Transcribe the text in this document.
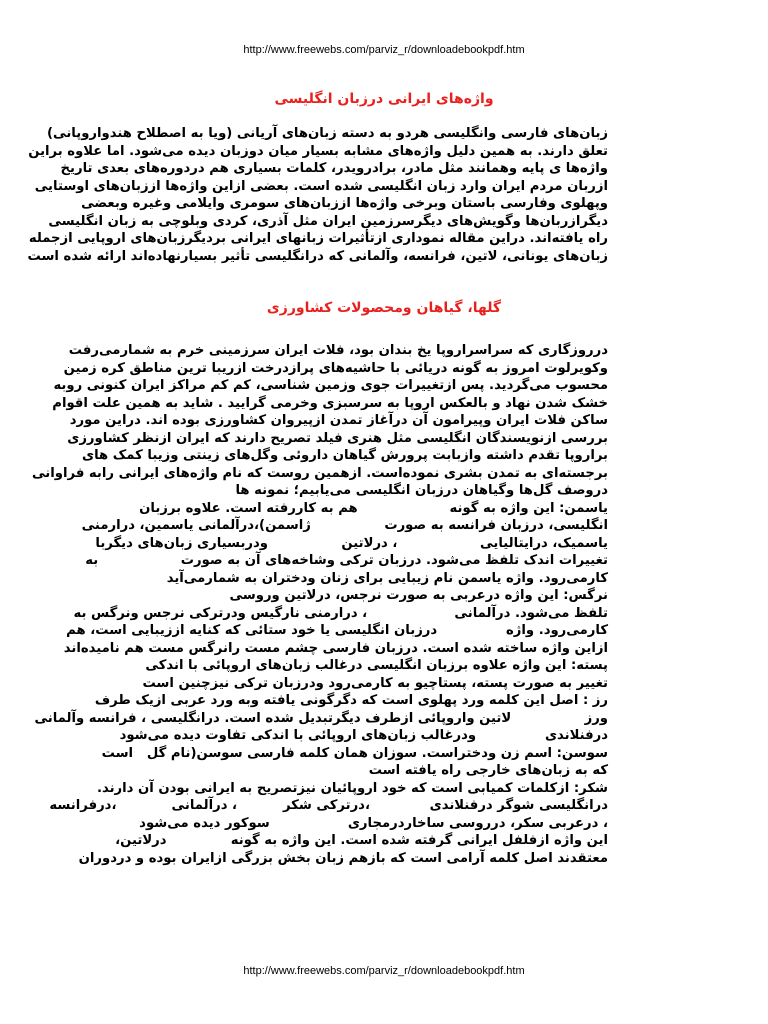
http://www.freewebs.com/parviz_r/downloadebookpdf.htm
واژه‌های ایرانی درزبان انگلیسی
زبان‌های فارسی وانگلیسی هردو به دسته زبان‌های آریانی (ویا به اصطلاح هندواروپانی)
تعلق دارند. به همین دلیل واژه‌های مشابه بسیار میان دوزبان دیده می‌شود. اما علاوه براین
واژه‌ها ی پایه وهمانند مثل مادر، برادرویدر، کلمات بسیاری هم دردوره‌های بعدی تاریخ
ازربان مردم ایران وارد زبان انگلیسی شده است. بعضی ازاین واژه‌ها اززبان‌های اوستایی
وپهلوی وفارسی باستان وبرخی واژه‌ها اززبان‌های سومری وایلامی وغیره وبعضی
دیگرازربان‌ها وگویش‌های دیگرسرزمین ایران مثل آذری، کردی وبلوچی به زبان انگلیسی
راه یافته‌اند. دراین مقاله نموداری ازتأثیرات زبانهای ایرانی بردیگرزبان‌های اروپایی ازجمله
زبان‌های یونانی، لاتین، فرانسه، وآلمانی که درانگلیسی تأثیر بسیارنهاده‌اند ارائه شده است
گلها، گیاهان ومحصولات کشاورزی
درروزگاری که سراسراروپا یخ بندان بود، فلات ایران سرزمینی خرم به شمارمی‌رفت
وکویرلوت امروز به گونه دریائی با حاشیه‌های پرازدرخت ازریبا ترین مناطق کره زمین
محسوب می‌گردید. پس ازتغییرات جوی وزمین شناسی، کم کم مراکز ایران کنونی روبه
خشک شدن نهاد و بالعکس اروپا به سرسبزی وخرمی گرایید . شاید به همین علت اقوام
ساکن فلات ایران وپیرامون آن درآغاز تمدن ازپیروان کشاورزی بوده اند. دراین مورد
بررسی ازنویسندگان انگلیسی مثل هنری فیلد تصریح دارند که ایران ازنظر کشاورزی
براروپا تقدم داشته وازبابت پرورش گیاهان داروئی وگل‌های زینتی وزیبا کمک های
برجسته‌ای به تمدن بشری نموده‌است. ازهمین روست که نام واژه‌های ایرانی رابه فراوانی
دروصف گل‌ها وگیاهان درزبان انگلیسی می‌یابیم؛ نمونه ها
یاسمن: این واژه به گونه                    هم به کاررفته است. علاوه برزبان
انگلیسی، درزبان فرانسه به صورت                ژاسمن)،درآلمانی یاسمین، درارمنی
یاسمیک، درایتالیایی                  ، درلاتین                ودربسیاری زبان‌های دیگربا
تغییرات اندک تلفظ می‌شود. درزبان ترکی وشاخه‌های آن به صورت                  به
کارمی‌رود. واژه یاسمن نام زیبایی برای زنان ودختران به شمارمی‌آید
نرگس: این واژه درعربی به صورت نرجس، درلاتین وروسی
تلفظ می‌شود. درآلمانی                   ، درارمنی نارگیس ودرترکی نرجس ونرگس به
کارمی‌رود. واژه               درزبان انگلیسی یا خود ستائی که کنایه اززیبایی است، هم
ازاین واژه ساخته شده است. درزبان فارسی چشم مست رانرگس مست هم نامیده‌اند
پسته: این واژه علاوه برزبان انگلیسی درغالب زبان‌های اروپائی با اندکی
تغییر به صورت پسته، پستاچیو به کارمی‌رود ودرزبان ترکی نیزچنین است
رز : اصل این کلمه ورد پهلوی است که دگرگونی یافته وبه ورد عربی ازیک طرف
ورز                لاتین واروپائی ازطرف دیگرتبدیل شده است. درانگلیسی ، فرانسه وآلمانی
درفنلاندی               ودرغالب زبان‌های اروپائی با اندکی تفاوت دیده می‌شود
سوسن: اسم زن ودختراست. سوزان همان کلمه فارسی سوسن(نام گل   است
که به زبان‌های خارجی راه یافته است
شکر: ازکلمات کمیابی است که خود اروپائیان نیزتصریح به ایرانی بودن آن دارند.
درانگلیسی شوگر درفنلاندی             ،درترکی شکر          ، درآلمانی            ،درفرانسه
، درعربی سکر، درروسی ساخاردرمجاری                 سوکور دیده می‌شود
این واژه ازفلفل ایرانی گرفته شده است. این واژه به گونه              درلاتین،
معتقدند اصل کلمه آرامی است که بازهم زبان بخش بزرگی ازایران بوده و دردوران
http://www.freewebs.com/parviz_r/downloadebookpdf.htm
